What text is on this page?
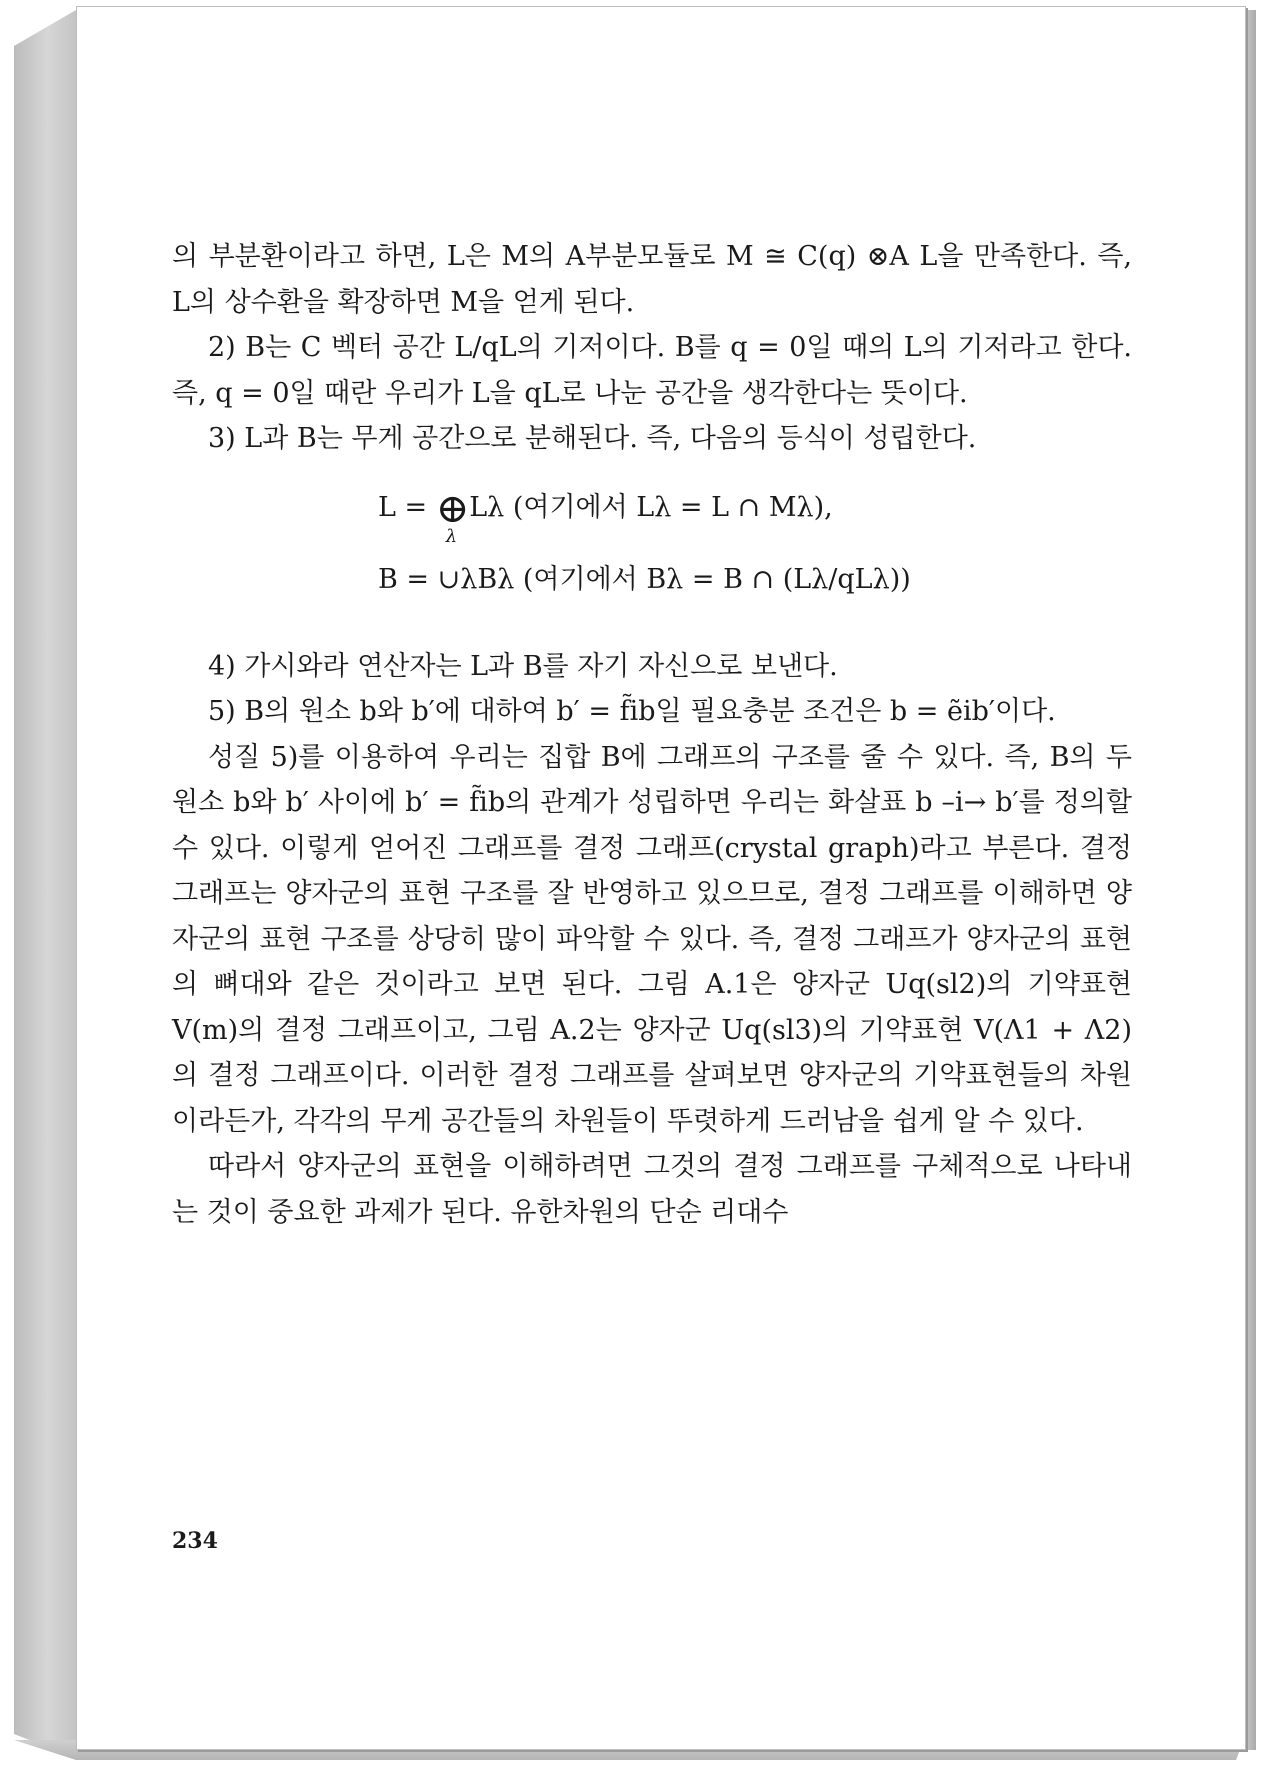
의 부분환이라고 하면, L은 M의 A부분모듈로 M ≅ C(q) ⊗A L을 만족한다. 즉, L의 상수환을 확장하면 M을 얻게 된다.

2) B는 C 벡터 공간 L/qL의 기저이다. B를 q = 0일 때의 L의 기저라고 한다. 즉, q = 0일 때란 우리가 L을 qL로 나눈 공간을 생각한다는 뜻이다.

3) L과 B는 무게 공간으로 분해된다. 즉, 다음의 등식이 성립한다.

L = ⊕
λ
Lλ (여기에서 Lλ = L ∩ Mλ),
B = ∪λBλ (여기에서 Bλ = B ∩ (Lλ/qLλ))

4) 가시와라 연산자는 L과 B를 자기 자신으로 보낸다.

5) B의 원소 b와 b′에 대하여 b′ = f̃ib일 필요충분 조건은 b = ẽib′이다.

성질 5)를 이용하여 우리는 집합 B에 그래프의 구조를 줄 수 있다. 즉, B의 두 원소 b와 b′ 사이에 b′ = f̃ib의 관계가 성립하면 우리는 화살표 b –i→ b′를 정의할 수 있다. 이렇게 얻어진 그래프를 결정 그래프(crystal graph)라고 부른다. 결정 그래프는 양자군의 표현 구조를 잘 반영하고 있으므로, 결정 그래프를 이해하면 양자군의 표현 구조를 상당히 많이 파악할 수 있다. 즉, 결정 그래프가 양자군의 표현의 뼈대와 같은 것이라고 보면 된다. 그림 A.1은 양자군 Uq(sl2)의 기약표현 V(m)의 결정 그래프이고, 그림 A.2는 양자군 Uq(sl3)의 기약표현 V(Λ1 + Λ2)의 결정 그래프이다. 이러한 결정 그래프를 살펴보면 양자군의 기약표현들의 차원이라든가, 각각의 무게 공간들의 차원들이 뚜렷하게 드러남을 쉽게 알 수 있다.

따라서 양자군의 표현을 이해하려면 그것의 결정 그래프를 구체적으로 나타내는 것이 중요한 과제가 된다. 유한차원의 단순 리대수

234
